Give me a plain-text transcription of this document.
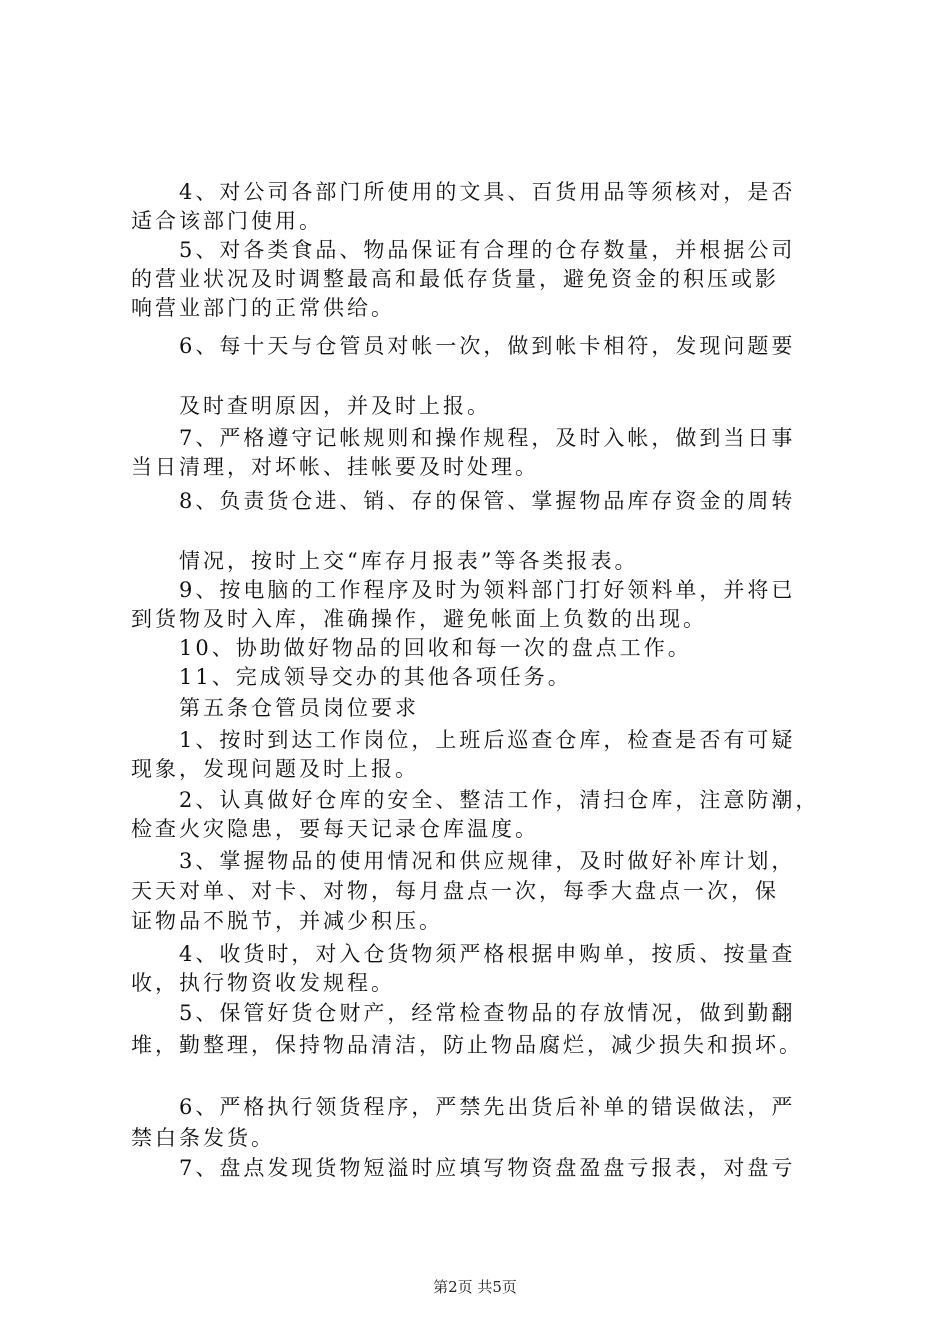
　　4、对公司各部门所使用的文具、百货用品等须核对，是否
适合该部门使用。
　　5、对各类食品、物品保证有合理的仓存数量，并根据公司
的营业状况及时调整最高和最低存货量，避免资金的积压或影
响营业部门的正常供给。
　　6、每十天与仓管员对帐一次，做到帐卡相符，发现问题要
　　及时查明原因，并及时上报。
　　7、严格遵守记帐规则和操作规程，及时入帐，做到当日事
当日清理，对坏帐、挂帐要及时处理。
　　8、负责货仓进、销、存的保管、掌握物品库存资金的周转
　　情况，按时上交“库存月报表”等各类报表。
　　9、按电脑的工作程序及时为领料部门打好领料单，并将已
到货物及时入库，准确操作，避免帐面上负数的出现。
　　10、协助做好物品的回收和每一次的盘点工作。
　　11、完成领导交办的其他各项任务。
　　第五条仓管员岗位要求
　　1、按时到达工作岗位，上班后巡查仓库，检查是否有可疑
现象，发现问题及时上报。
　　2、认真做好仓库的安全、整洁工作，清扫仓库，注意防潮，
检查火灾隐患，要每天记录仓库温度。
　　3、掌握物品的使用情况和供应规律，及时做好补库计划，
天天对单、对卡、对物，每月盘点一次，每季大盘点一次，保
证物品不脱节，并减少积压。
　　4、收货时，对入仓货物须严格根据申购单，按质、按量查
收，执行物资收发规程。
　　5、保管好货仓财产，经常检查物品的存放情况，做到勤翻
堆，勤整理，保持物品清洁，防止物品腐烂，减少损失和损坏。
　　6、严格执行领货程序，严禁先出货后补单的错误做法，严
禁白条发货。
　　7、盘点发现货物短溢时应填写物资盘盈盘亏报表，对盘亏
第2页 共5页
